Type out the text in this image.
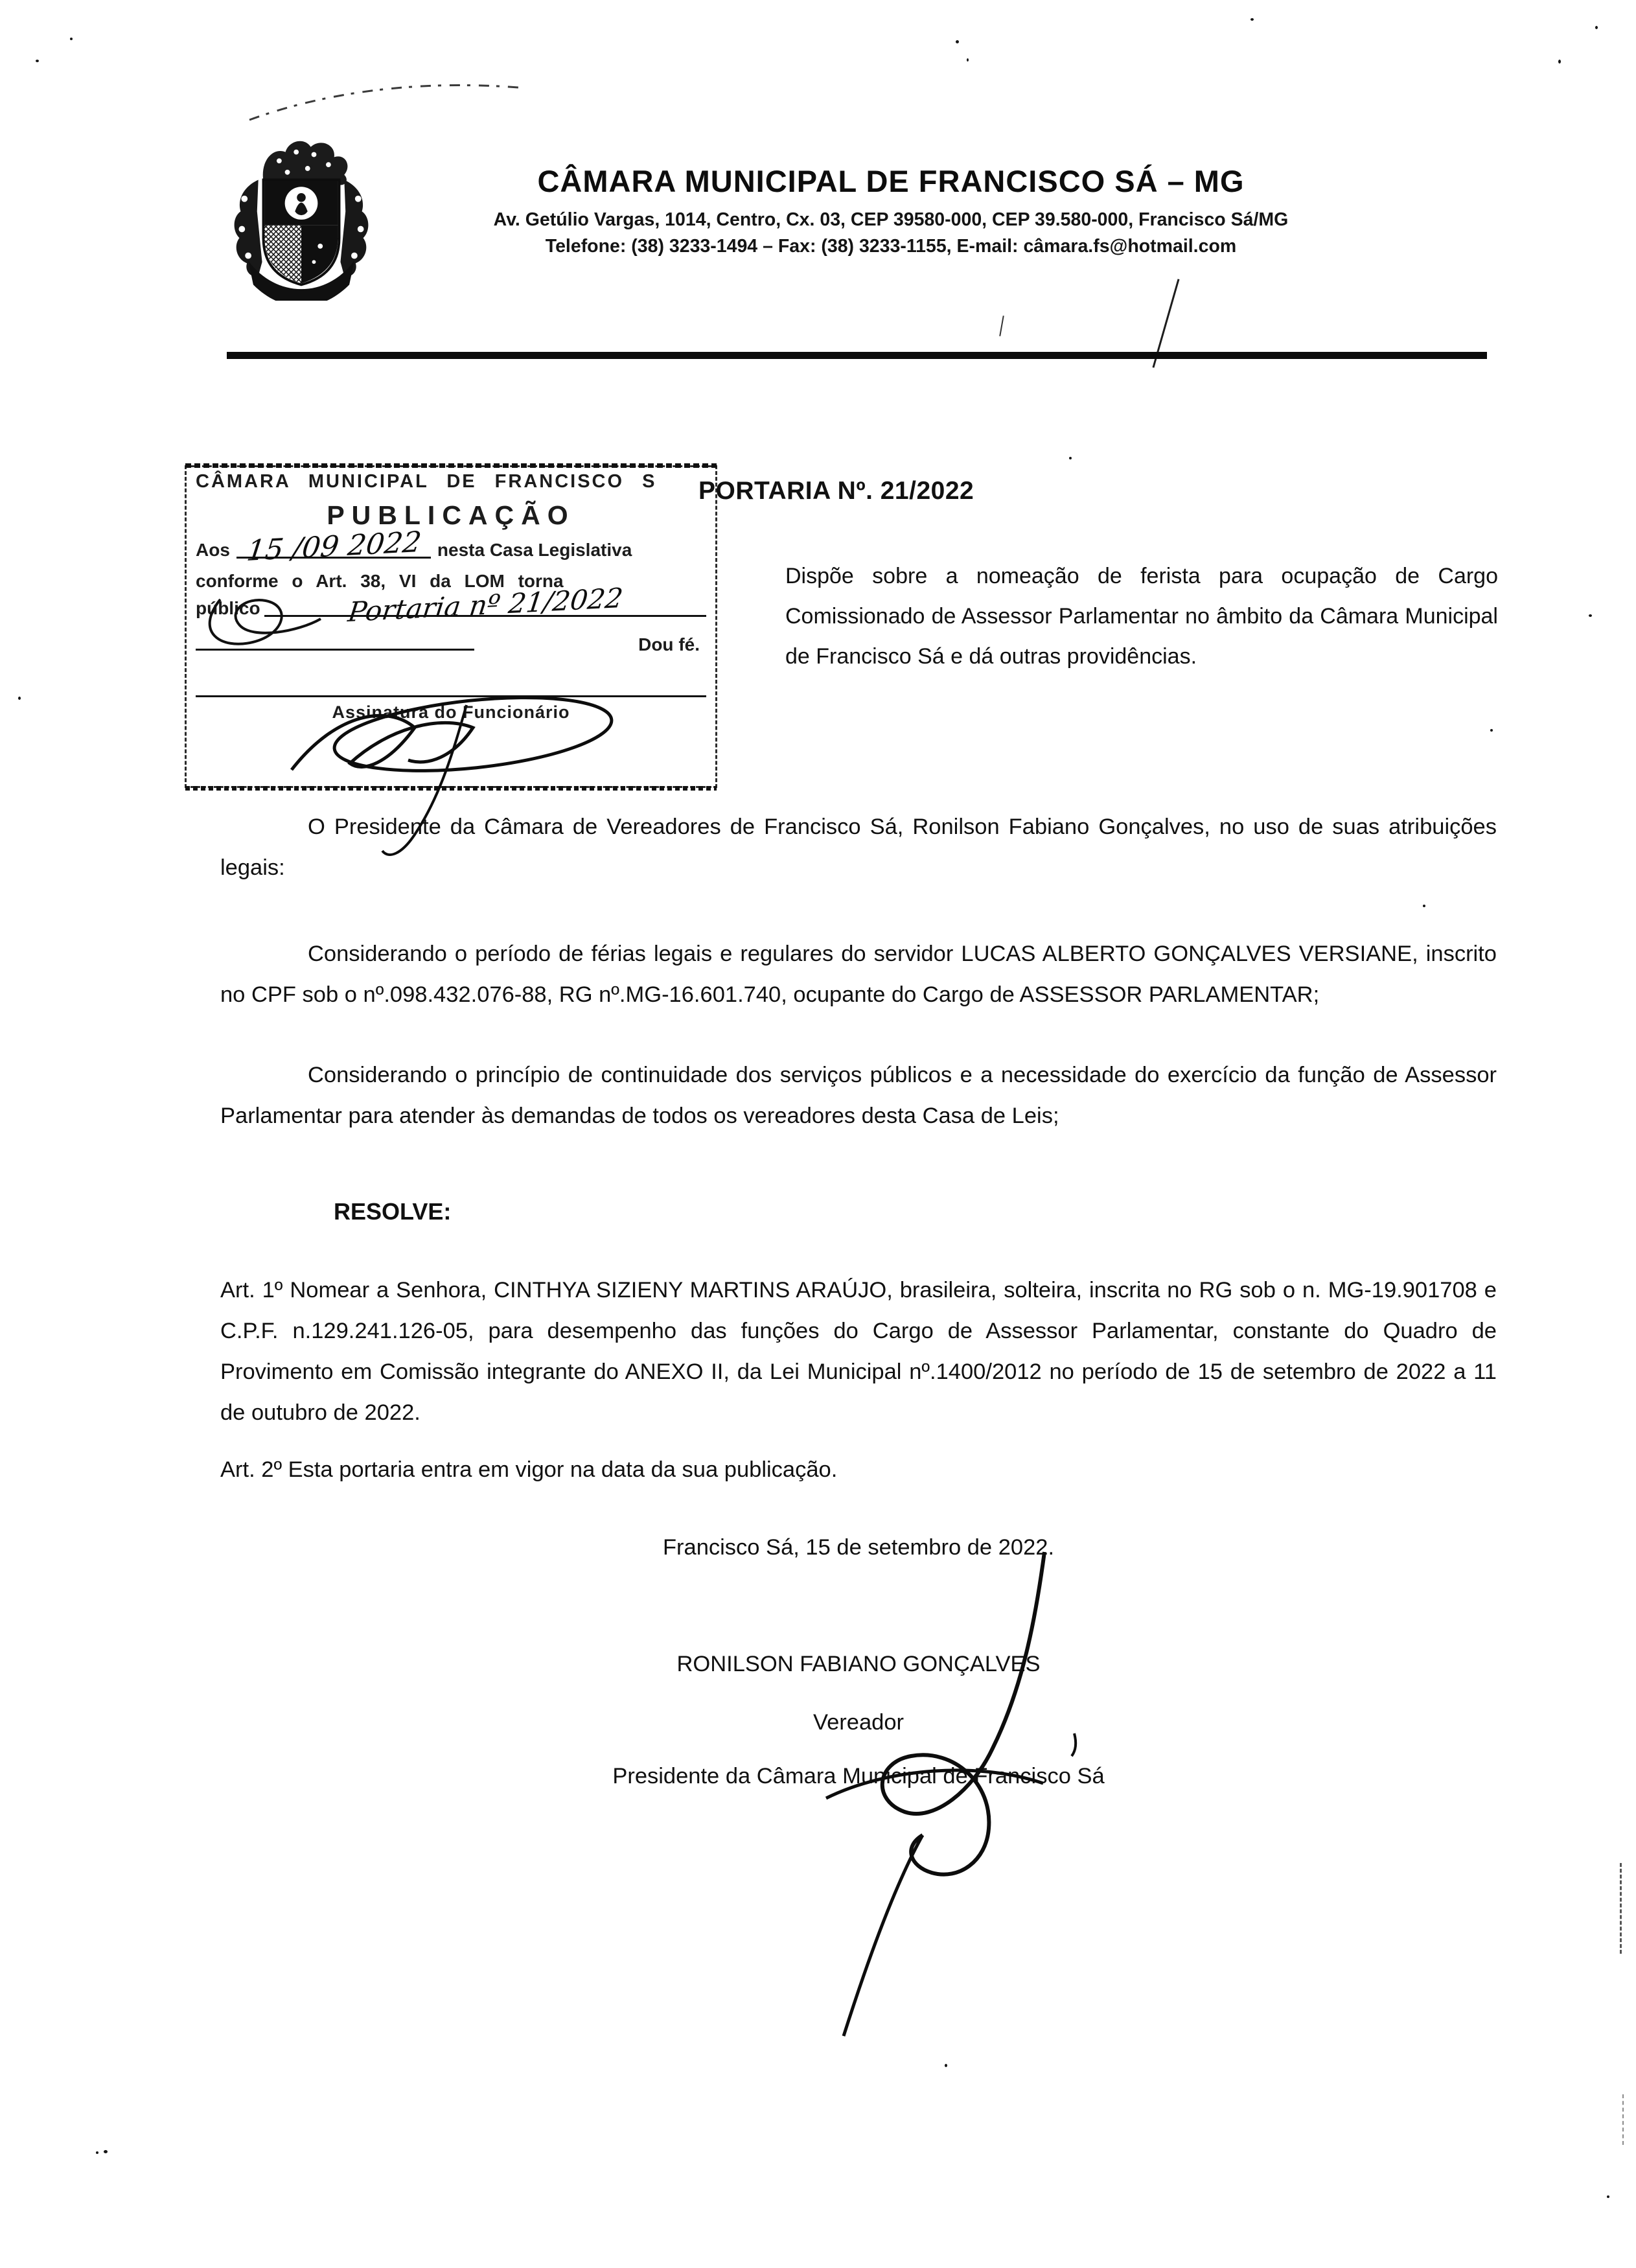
CÂMARA MUNICIPAL DE FRANCISCO SÁ – MG
Av. Getúlio Vargas, 1014, Centro, Cx. 03, CEP 39580-000, CEP 39.580-000, Francisco Sá/MG
Telefone: (38) 3233-1494 – Fax: (38) 3233-1155, E-mail: câmara.fs@hotmail.com
CÂMARA MUNICIPAL DE FRANCISCO S
PUBLICAÇÃO
Aos 15 /09 2022 nesta Casa Legislativa
conforme o Art. 38, VI da LOM torna
público	Portaria nº 21/2022
Dou fé.
Assinatura do Funcionário
PORTARIA Nº. 21/2022
Dispõe sobre a nomeação de ferista para ocupação de Cargo Comissionado de Assessor Parlamentar no âmbito da Câmara Municipal de Francisco Sá e dá outras providências.

O Presidente da Câmara de Vereadores de Francisco Sá, Ronilson Fabiano Gonçalves, no uso de suas atribuições legais:

Considerando o período de férias legais e regulares do servidor LUCAS ALBERTO GONÇALVES VERSIANE, inscrito no CPF sob o nº.098.432.076-88, RG nº.MG-16.601.740, ocupante do Cargo de ASSESSOR PARLAMENTAR;

Considerando o princípio de continuidade dos serviços públicos e a necessidade do exercício da função de Assessor Parlamentar para atender às demandas de todos os vereadores desta Casa de Leis;

RESOLVE:

Art. 1º Nomear a Senhora, CINTHYA SIZIENY MARTINS ARAÚJO, brasileira, solteira, inscrita no RG sob o n. MG-19.901708 e C.P.F. n.129.241.126-05, para desempenho das funções do Cargo de Assessor Parlamentar, constante do Quadro de Provimento em Comissão integrante do ANEXO II, da Lei Municipal nº.1400/2012 no período de 15 de setembro de 2022 a 11 de outubro de 2022.

Art. 2º Esta portaria entra em vigor na data da sua publicação.

Francisco Sá, 15 de setembro de 2022.

RONILSON FABIANO GONÇALVES

Vereador

Presidente da Câmara Municipal de Francisco Sá
